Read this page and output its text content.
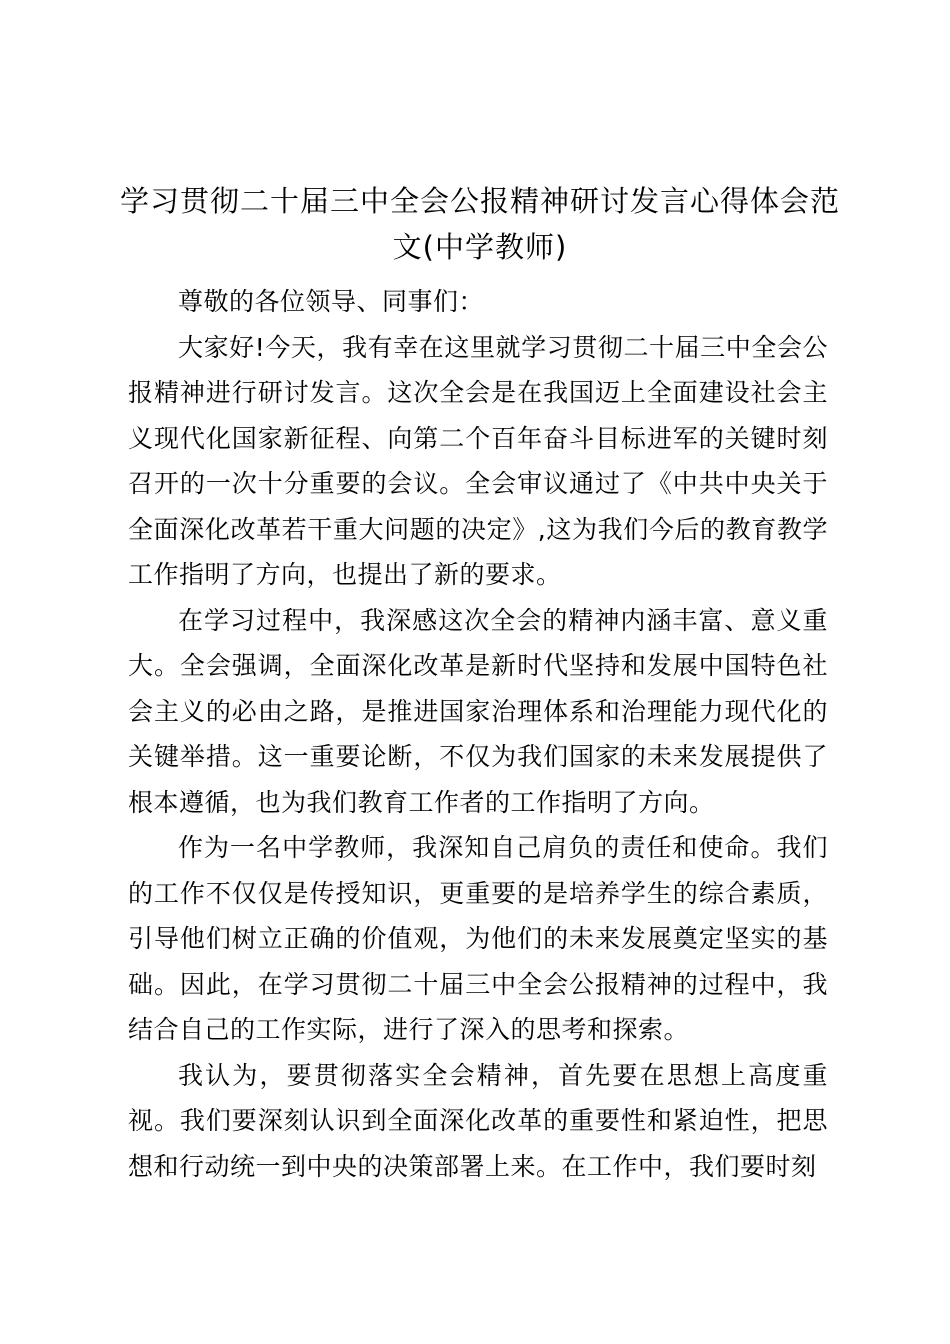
学习贯彻二十届三中全会公报精神研讨发言心得体会范文(中学教师)

尊敬的各位领导、同事们：

大家好!今天，我有幸在这里就学习贯彻二十届三中全会公报精神进行研讨发言。这次全会是在我国迈上全面建设社会主义现代化国家新征程、向第二个百年奋斗目标进军的关键时刻召开的一次十分重要的会议。全会审议通过了《中共中央关于全面深化改革若干重大问题的决定》,这为我们今后的教育教学工作指明了方向，也提出了新的要求。

在学习过程中，我深感这次全会的精神内涵丰富、意义重大。全会强调，全面深化改革是新时代坚持和发展中国特色社会主义的必由之路，是推进国家治理体系和治理能力现代化的关键举措。这一重要论断，不仅为我们国家的未来发展提供了根本遵循，也为我们教育工作者的工作指明了方向。

作为一名中学教师，我深知自己肩负的责任和使命。我们的工作不仅仅是传授知识，更重要的是培养学生的综合素质，引导他们树立正确的价值观，为他们的未来发展奠定坚实的基础。因此，在学习贯彻二十届三中全会公报精神的过程中，我结合自己的工作实际，进行了深入的思考和探索。

我认为，要贯彻落实全会精神，首先要在思想上高度重视。我们要深刻认识到全面深化改革的重要性和紧迫性，把思想和行动统一到中央的决策部署上来。在工作中，我们要时刻
